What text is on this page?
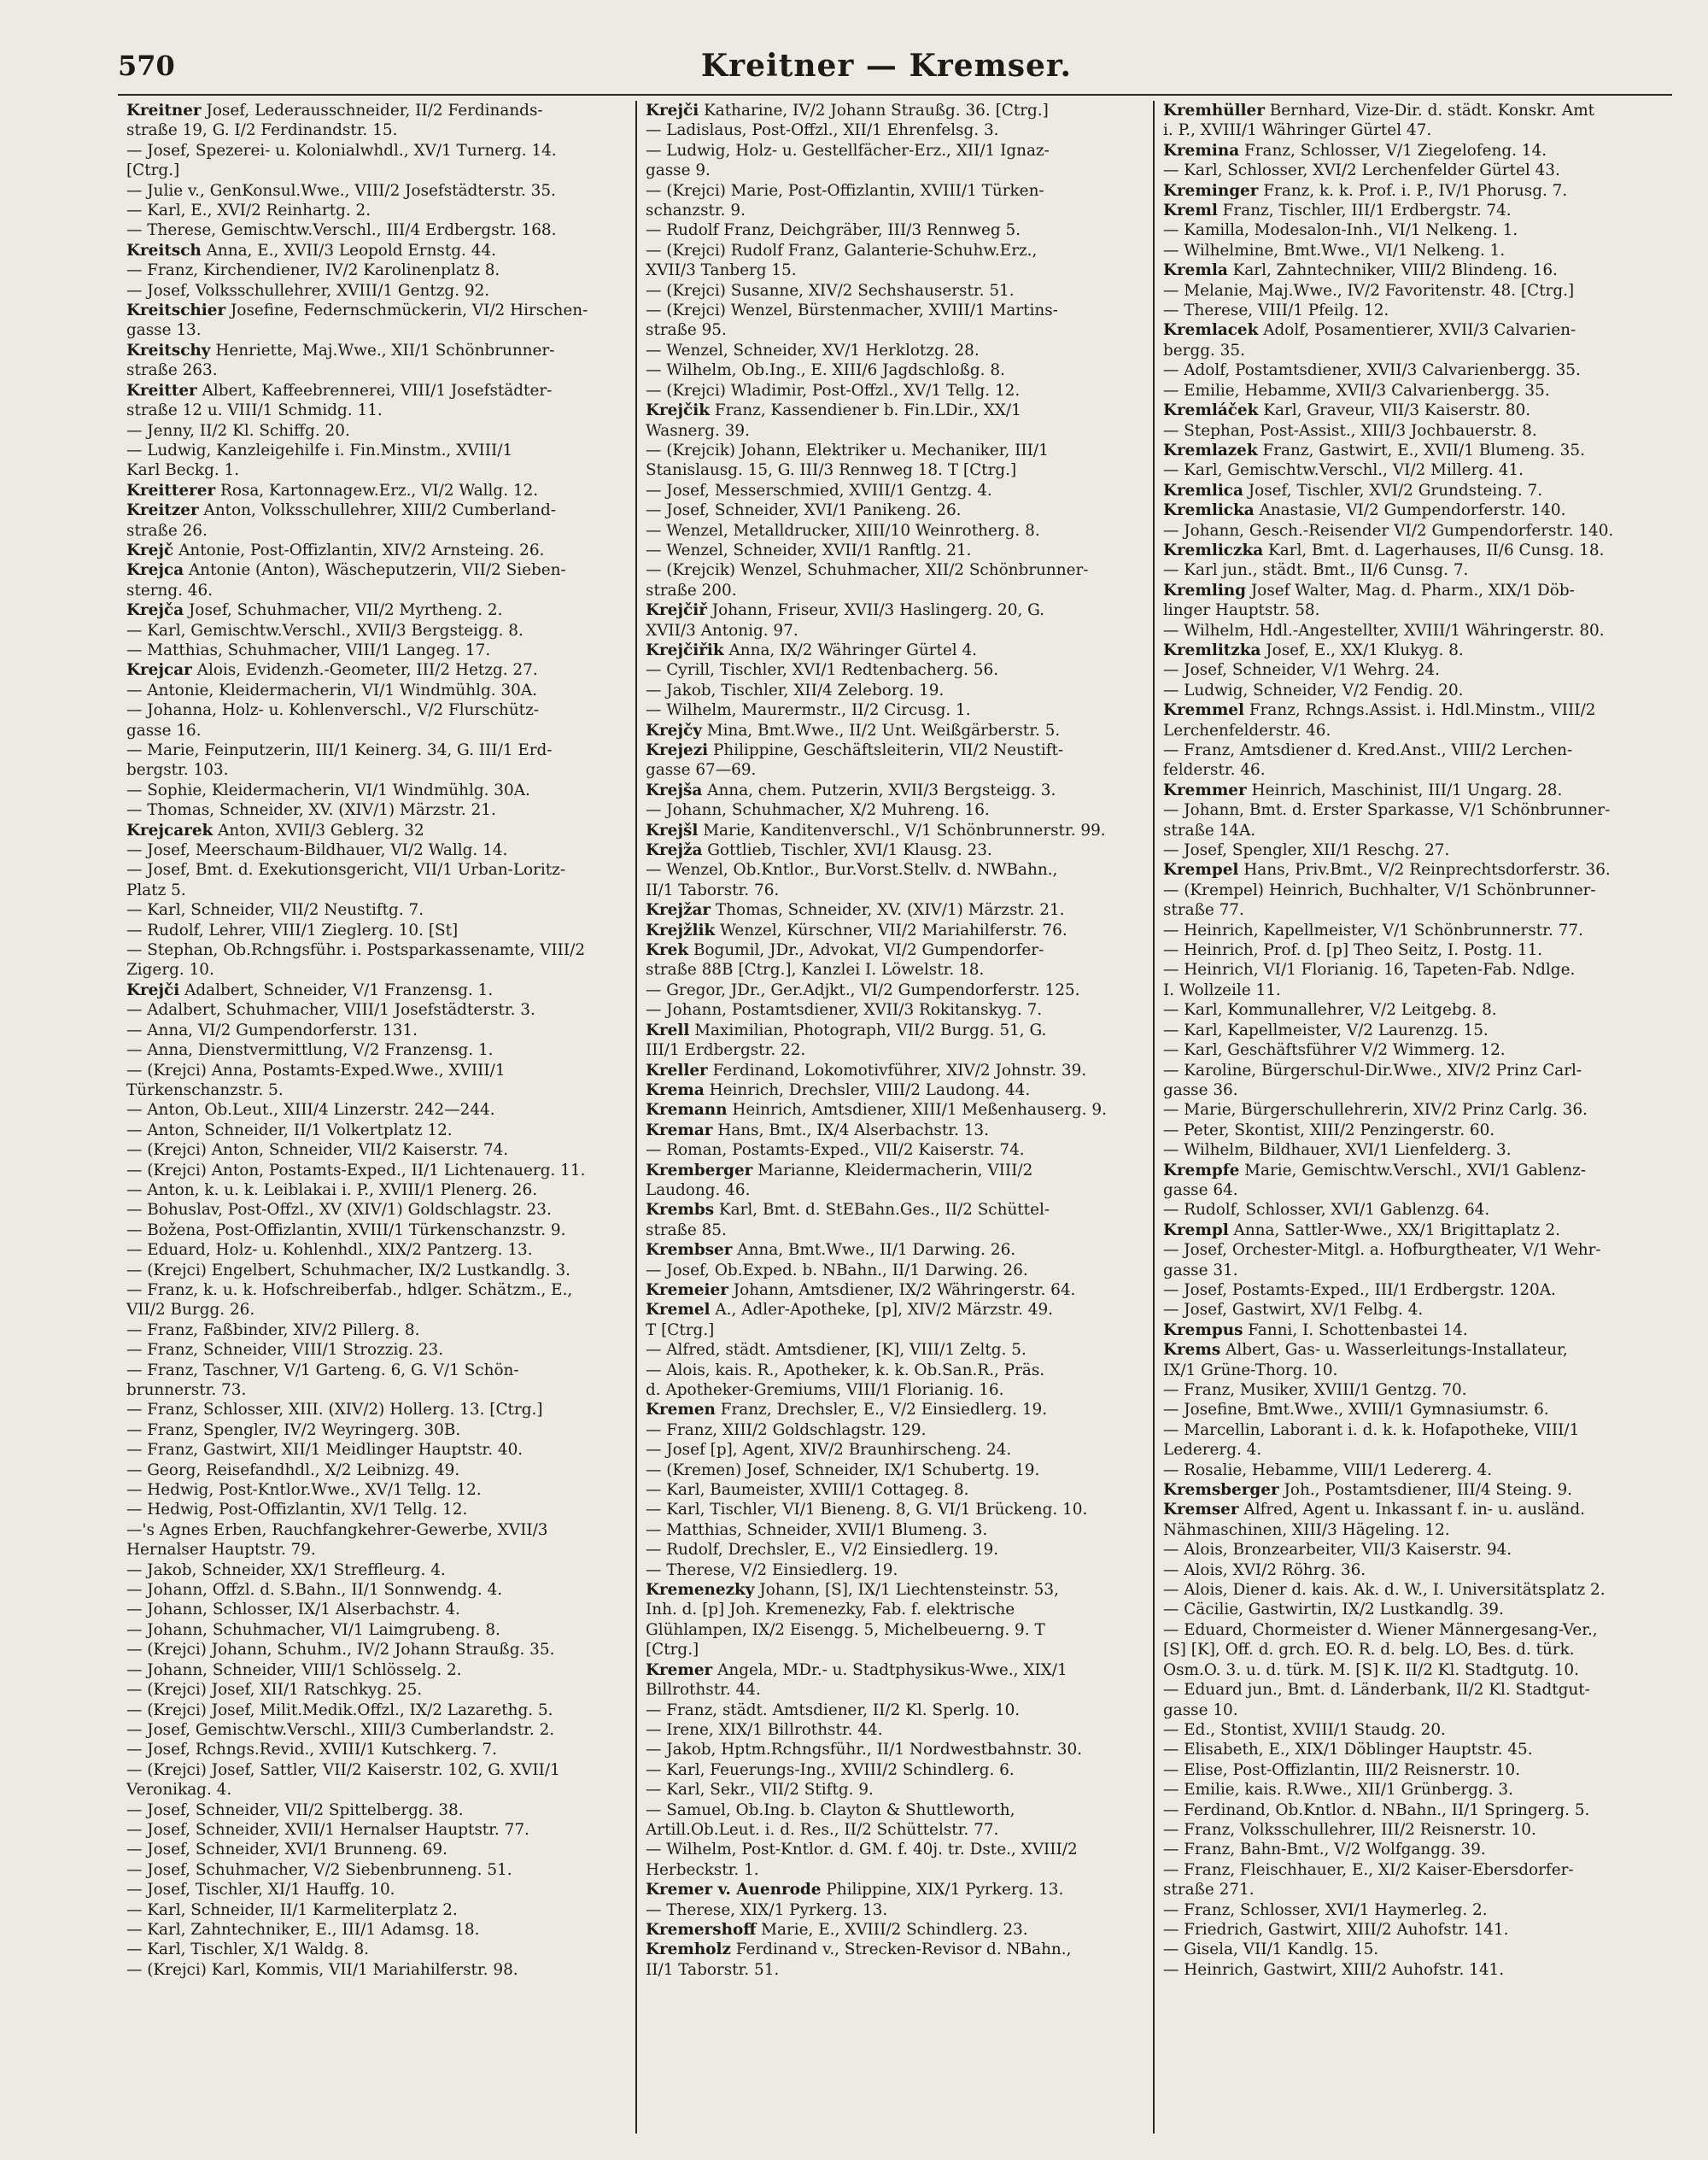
570	Kreitner — Kremser.

Kreitner Josef, Lederausschneider, II/2 Ferdinands-

straße 19, G. I/2 Ferdinandstr. 15.

— Josef, Spezerei- u. Kolonialwhdl., XV/1 Turnerg. 14.

[Ctrg.]

— Julie v., GenKonsul.Wwe., VIII/2 Josefstädterstr. 35.

— Karl, E., XVI/2 Reinhartg. 2.

— Therese, Gemischtw.Verschl., III/4 Erdbergstr. 168.

Kreitsch Anna, E., XVII/3 Leopold Ernstg. 44.

— Franz, Kirchendiener, IV/2 Karolinenplatz 8.

— Josef, Volksschullehrer, XVIII/1 Gentzg. 92.

Kreitschier Josefine, Federnschmückerin, VI/2 Hirschen-

gasse 13.

Kreitschy Henriette, Maj.Wwe., XII/1 Schönbrunner-

straße 263.

Kreitter Albert, Kaffeebrennerei, VIII/1 Josefstädter-

straße 12 u. VIII/1 Schmidg. 11.

— Jenny, II/2 Kl. Schiffg. 20.

— Ludwig, Kanzleigehilfe i. Fin.Minstm., XVIII/1

Karl Beckg. 1.

Kreitterer Rosa, Kartonnagew.Erz., VI/2 Wallg. 12.

Kreitzer Anton, Volksschullehrer, XIII/2 Cumberland-

straße 26.

Krejč Antonie, Post-Offizlantin, XIV/2 Arnsteing. 26.

Krejca Antonie (Anton), Wäscheputzerin, VII/2 Sieben-

sterng. 46.

Krejča Josef, Schuhmacher, VII/2 Myrtheng. 2.

— Karl, Gemischtw.Verschl., XVII/3 Bergsteigg. 8.

— Matthias, Schuhmacher, VIII/1 Langeg. 17.

Krejcar Alois, Evidenzh.-Geometer, III/2 Hetzg. 27.

— Antonie, Kleidermacherin, VI/1 Windmühlg. 30A.

— Johanna, Holz- u. Kohlenverschl., V/2 Flurschütz-

gasse 16.

— Marie, Feinputzerin, III/1 Keinerg. 34, G. III/1 Erd-

bergstr. 103.

— Sophie, Kleidermacherin, VI/1 Windmühlg. 30A.

— Thomas, Schneider, XV. (XIV/1) Märzstr. 21.

Krejcarek Anton, XVII/3 Geblerg. 32

— Josef, Meerschaum-Bildhauer, VI/2 Wallg. 14.

— Josef, Bmt. d. Exekutionsgericht, VII/1 Urban-Loritz-

Platz 5.

— Karl, Schneider, VII/2 Neustiftg. 7.

— Rudolf, Lehrer, VIII/1 Zieglerg. 10. [St]

— Stephan, Ob.Rchngsführ. i. Postsparkassenamte, VIII/2

Zigerg. 10.

Krejči Adalbert, Schneider, V/1 Franzensg. 1.

— Adalbert, Schuhmacher, VIII/1 Josefstädterstr. 3.

— Anna, VI/2 Gumpendorferstr. 131.

— Anna, Dienstvermittlung, V/2 Franzensg. 1.

— (Krejci) Anna, Postamts-Exped.Wwe., XVIII/1

Türkenschanzstr. 5.

— Anton, Ob.Leut., XIII/4 Linzerstr. 242—244.

— Anton, Schneider, II/1 Volkertplatz 12.

— (Krejci) Anton, Schneider, VII/2 Kaiserstr. 74.

— (Krejci) Anton, Postamts-Exped., II/1 Lichtenauerg. 11.

— Anton, k. u. k. Leiblakai i. P., XVIII/1 Plenerg. 26.

— Bohuslav, Post-Offzl., XV (XIV/1) Goldschlagstr. 23.

— Božena, Post-Offizlantin, XVIII/1 Türkenschanzstr. 9.

— Eduard, Holz- u. Kohlenhdl., XIX/2 Pantzerg. 13.

— (Krejci) Engelbert, Schuhmacher, IX/2 Lustkandlg. 3.

— Franz, k. u. k. Hofschreiberfab., hdlger. Schätzm., E.,

VII/2 Burgg. 26.

— Franz, Faßbinder, XIV/2 Pillerg. 8.

— Franz, Schneider, VIII/1 Strozzig. 23.

— Franz, Taschner, V/1 Garteng. 6, G. V/1 Schön-

brunnerstr. 73.

— Franz, Schlosser, XIII. (XIV/2) Hollerg. 13. [Ctrg.]

— Franz, Spengler, IV/2 Weyringerg. 30B.

— Franz, Gastwirt, XII/1 Meidlinger Hauptstr. 40.

— Georg, Reisefandhdl., X/2 Leibnizg. 49.

— Hedwig, Post-Kntlor.Wwe., XV/1 Tellg. 12.

— Hedwig, Post-Offizlantin, XV/1 Tellg. 12.

—'s Agnes Erben, Rauchfangkehrer-Gewerbe, XVII/3

Hernalser Hauptstr. 79.

— Jakob, Schneider, XX/1 Streffleurg. 4.

— Johann, Offzl. d. S.Bahn., II/1 Sonnwendg. 4.

— Johann, Schlosser, IX/1 Alserbachstr. 4.

— Johann, Schuhmacher, VI/1 Laimgrubeng. 8.

— (Krejci) Johann, Schuhm., IV/2 Johann Straußg. 35.

— Johann, Schneider, VIII/1 Schlösselg. 2.

— (Krejci) Josef, XII/1 Ratschkyg. 25.

— (Krejci) Josef, Milit.Medik.Offzl., IX/2 Lazarethg. 5.

— Josef, Gemischtw.Verschl., XIII/3 Cumberlandstr. 2.

— Josef, Rchngs.Revid., XVIII/1 Kutschkerg. 7.

— (Krejci) Josef, Sattler, VII/2 Kaiserstr. 102, G. XVII/1

Veronikag. 4.

— Josef, Schneider, VII/2 Spittelbergg. 38.

— Josef, Schneider, XVII/1 Hernalser Hauptstr. 77.

— Josef, Schneider, XVI/1 Brunneng. 69.

— Josef, Schuhmacher, V/2 Siebenbrunneng. 51.

— Josef, Tischler, XI/1 Hauffg. 10.

— Karl, Schneider, II/1 Karmeliterplatz 2.

— Karl, Zahntechniker, E., III/1 Adamsg. 18.

— Karl, Tischler, X/1 Waldg. 8.

— (Krejci) Karl, Kommis, VII/1 Mariahilferstr. 98.

Krejči Katharine, IV/2 Johann Straußg. 36. [Ctrg.]

— Ladislaus, Post-Offzl., XII/1 Ehrenfelsg. 3.

— Ludwig, Holz- u. Gestellfächer-Erz., XII/1 Ignaz-

gasse 9.

— (Krejci) Marie, Post-Offizlantin, XVIII/1 Türken-

schanzstr. 9.

— Rudolf Franz, Deichgräber, III/3 Rennweg 5.

— (Krejci) Rudolf Franz, Galanterie-Schuhw.Erz.,

XVII/3 Tanberg 15.

— (Krejci) Susanne, XIV/2 Sechshauserstr. 51.

— (Krejci) Wenzel, Bürstenmacher, XVIII/1 Martins-

straße 95.

— Wenzel, Schneider, XV/1 Herklotzg. 28.

— Wilhelm, Ob.Ing., E. XIII/6 Jagdschloßg. 8.

— (Krejci) Wladimir, Post-Offzl., XV/1 Tellg. 12.

Krejčik Franz, Kassendiener b. Fin.LDir., XX/1

Wasnerg. 39.

— (Krejcik) Johann, Elektriker u. Mechaniker, III/1

Stanislausg. 15, G. III/3 Rennweg 18. T [Ctrg.]

— Josef, Messerschmied, XVIII/1 Gentzg. 4.

— Josef, Schneider, XVI/1 Panikeng. 26.

— Wenzel, Metalldrucker, XIII/10 Weinrotherg. 8.

— Wenzel, Schneider, XVII/1 Ranftlg. 21.

— (Krejcik) Wenzel, Schuhmacher, XII/2 Schönbrunner-

straße 200.

Krejčiř Johann, Friseur, XVII/3 Haslingerg. 20, G.

XVII/3 Antonig. 97.

Krejčiřik Anna, IX/2 Währinger Gürtel 4.

— Cyrill, Tischler, XVI/1 Redtenbacherg. 56.

— Jakob, Tischler, XII/4 Zeleborg. 19.

— Wilhelm, Maurermstr., II/2 Circusg. 1.

Krejčy Mina, Bmt.Wwe., II/2 Unt. Weißgärberstr. 5.

Krejezi Philippine, Geschäftsleiterin, VII/2 Neustift-

gasse 67—69.

Krejša Anna, chem. Putzerin, XVII/3 Bergsteigg. 3.

— Johann, Schuhmacher, X/2 Muhreng. 16.

Krejšl Marie, Kanditenverschl., V/1 Schönbrunnerstr. 99.

Krejža Gottlieb, Tischler, XVI/1 Klausg. 23.

— Wenzel, Ob.Kntlor., Bur.Vorst.Stellv. d. NWBahn.,

II/1 Taborstr. 76.

Krejžar Thomas, Schneider, XV. (XIV/1) Märzstr. 21.

Krejžlik Wenzel, Kürschner, VII/2 Mariahilferstr. 76.

Krek Bogumil, JDr., Advokat, VI/2 Gumpendorfer-

straße 88B [Ctrg.], Kanzlei I. Löwelstr. 18.

— Gregor, JDr., Ger.Adjkt., VI/2 Gumpendorferstr. 125.

— Johann, Postamtsdiener, XVII/3 Rokitanskyg. 7.

Krell Maximilian, Photograph, VII/2 Burgg. 51, G.

III/1 Erdbergstr. 22.

Kreller Ferdinand, Lokomotivführer, XIV/2 Johnstr. 39.

Krema Heinrich, Drechsler, VIII/2 Laudong. 44.

Kremann Heinrich, Amtsdiener, XIII/1 Meßenhauserg. 9.

Kremar Hans, Bmt., IX/4 Alserbachstr. 13.

— Roman, Postamts-Exped., VII/2 Kaiserstr. 74.

Kremberger Marianne, Kleidermacherin, VIII/2

Laudong. 46.

Krembs Karl, Bmt. d. StEBahn.Ges., II/2 Schüttel-

straße 85.

Krembser Anna, Bmt.Wwe., II/1 Darwing. 26.

— Josef, Ob.Exped. b. NBahn., II/1 Darwing. 26.

Kremeier Johann, Amtsdiener, IX/2 Währingerstr. 64.

Kremel A., Adler-Apotheke, [p], XIV/2 Märzstr. 49.

T [Ctrg.]

— Alfred, städt. Amtsdiener, [K], VIII/1 Zeltg. 5.

— Alois, kais. R., Apotheker, k. k. Ob.San.R., Präs.

d. Apotheker-Gremiums, VIII/1 Florianig. 16.

Kremen Franz, Drechsler, E., V/2 Einsiedlerg. 19.

— Franz, XIII/2 Goldschlagstr. 129.

— Josef [p], Agent, XIV/2 Braunhirscheng. 24.

— (Kremen) Josef, Schneider, IX/1 Schubertg. 19.

— Karl, Baumeister, XVIII/1 Cottageg. 8.

— Karl, Tischler, VI/1 Bieneng. 8, G. VI/1 Brückeng. 10.

— Matthias, Schneider, XVII/1 Blumeng. 3.

— Rudolf, Drechsler, E., V/2 Einsiedlerg. 19.

— Therese, V/2 Einsiedlerg. 19.

Kremenezky Johann, [S], IX/1 Liechtensteinstr. 53,

Inh. d. [p] Joh. Kremenezky, Fab. f. elektrische

Glühlampen, IX/2 Eisengg. 5, Michelbeuerng. 9. T

[Ctrg.]

Kremer Angela, MDr.- u. Stadtphysikus-Wwe., XIX/1

Billrothstr. 44.

— Franz, städt. Amtsdiener, II/2 Kl. Sperlg. 10.

— Irene, XIX/1 Billrothstr. 44.

— Jakob, Hptm.Rchngsführ., II/1 Nordwestbahnstr. 30.

— Karl, Feuerungs-Ing., XVIII/2 Schindlerg. 6.

— Karl, Sekr., VII/2 Stiftg. 9.

— Samuel, Ob.Ing. b. Clayton & Shuttleworth,

Artill.Ob.Leut. i. d. Res., II/2 Schüttelstr. 77.

— Wilhelm, Post-Kntlor. d. GM. f. 40j. tr. Dste., XVIII/2

Herbeckstr. 1.

Kremer v. Auenrode Philippine, XIX/1 Pyrkerg. 13.

— Therese, XIX/1 Pyrkerg. 13.

Kremershoff Marie, E., XVIII/2 Schindlerg. 23.

Kremholz Ferdinand v., Strecken-Revisor d. NBahn.,

II/1 Taborstr. 51.

Kremhüller Bernhard, Vize-Dir. d. städt. Konskr. Amt

i. P., XVIII/1 Währinger Gürtel 47.

Kremina Franz, Schlosser, V/1 Ziegelofeng. 14.

— Karl, Schlosser, XVI/2 Lerchenfelder Gürtel 43.

Kreminger Franz, k. k. Prof. i. P., IV/1 Phorusg. 7.

Kreml Franz, Tischler, III/1 Erdbergstr. 74.

— Kamilla, Modesalon-Inh., VI/1 Nelkeng. 1.

— Wilhelmine, Bmt.Wwe., VI/1 Nelkeng. 1.

Kremla Karl, Zahntechniker, VIII/2 Blindeng. 16.

— Melanie, Maj.Wwe., IV/2 Favoritenstr. 48. [Ctrg.]

— Therese, VIII/1 Pfeilg. 12.

Kremlacek Adolf, Posamentierer, XVII/3 Calvarien-

bergg. 35.

— Adolf, Postamtsdiener, XVII/3 Calvarienbergg. 35.

— Emilie, Hebamme, XVII/3 Calvarienbergg. 35.

Kremláček Karl, Graveur, VII/3 Kaiserstr. 80.

— Stephan, Post-Assist., XIII/3 Jochbauerstr. 8.

Kremlazek Franz, Gastwirt, E., XVII/1 Blumeng. 35.

— Karl, Gemischtw.Verschl., VI/2 Millerg. 41.

Kremlica Josef, Tischler, XVI/2 Grundsteing. 7.

Kremlicka Anastasie, VI/2 Gumpendorferstr. 140.

— Johann, Gesch.-Reisender VI/2 Gumpendorferstr. 140.

Kremliczka Karl, Bmt. d. Lagerhauses, II/6 Cunsg. 18.

— Karl jun., städt. Bmt., II/6 Cunsg. 7.

Kremling Josef Walter, Mag. d. Pharm., XIX/1 Döb-

linger Hauptstr. 58.

— Wilhelm, Hdl.-Angestellter, XVIII/1 Währingerstr. 80.

Kremlitzka Josef, E., XX/1 Klukyg. 8.

— Josef, Schneider, V/1 Wehrg. 24.

— Ludwig, Schneider, V/2 Fendig. 20.

Kremmel Franz, Rchngs.Assist. i. Hdl.Minstm., VIII/2

Lerchenfelderstr. 46.

— Franz, Amtsdiener d. Kred.Anst., VIII/2 Lerchen-

felderstr. 46.

Kremmer Heinrich, Maschinist, III/1 Ungarg. 28.

— Johann, Bmt. d. Erster Sparkasse, V/1 Schönbrunner-

straße 14A.

— Josef, Spengler, XII/1 Reschg. 27.

Krempel Hans, Priv.Bmt., V/2 Reinprechtsdorferstr. 36.

— (Krempel) Heinrich, Buchhalter, V/1 Schönbrunner-

straße 77.

— Heinrich, Kapellmeister, V/1 Schönbrunnerstr. 77.

— Heinrich, Prof. d. [p] Theo Seitz, I. Postg. 11.

— Heinrich, VI/1 Florianig. 16, Tapeten-Fab. Ndlge.

I. Wollzeile 11.

— Karl, Kommunallehrer, V/2 Leitgebg. 8.

— Karl, Kapellmeister, V/2 Laurenzg. 15.

— Karl, Geschäftsführer V/2 Wimmerg. 12.

— Karoline, Bürgerschul-Dir.Wwe., XIV/2 Prinz Carl-

gasse 36.

— Marie, Bürgerschullehrerin, XIV/2 Prinz Carlg. 36.

— Peter, Skontist, XIII/2 Penzingerstr. 60.

— Wilhelm, Bildhauer, XVI/1 Lienfelderg. 3.

Krempfe Marie, Gemischtw.Verschl., XVI/1 Gablenz-

gasse 64.

— Rudolf, Schlosser, XVI/1 Gablenzg. 64.

Krempl Anna, Sattler-Wwe., XX/1 Brigittaplatz 2.

— Josef, Orchester-Mitgl. a. Hofburgtheater, V/1 Wehr-

gasse 31.

— Josef, Postamts-Exped., III/1 Erdbergstr. 120A.

— Josef, Gastwirt, XV/1 Felbg. 4.

Krempus Fanni, I. Schottenbastei 14.

Krems Albert, Gas- u. Wasserleitungs-Installateur,

IX/1 Grüne-Thorg. 10.

— Franz, Musiker, XVIII/1 Gentzg. 70.

— Josefine, Bmt.Wwe., XVIII/1 Gymnasiumstr. 6.

— Marcellin, Laborant i. d. k. k. Hofapotheke, VIII/1

Ledererg. 4.

— Rosalie, Hebamme, VIII/1 Ledererg. 4.

Kremsberger Joh., Postamtsdiener, III/4 Steing. 9.

Kremser Alfred, Agent u. Inkassant f. in- u. ausländ.

Nähmaschinen, XIII/3 Hägeling. 12.

— Alois, Bronzearbeiter, VII/3 Kaiserstr. 94.

— Alois, XVI/2 Röhrg. 36.

— Alois, Diener d. kais. Ak. d. W., I. Universitätsplatz 2.

— Cäcilie, Gastwirtin, IX/2 Lustkandlg. 39.

— Eduard, Chormeister d. Wiener Männergesang-Ver.,

[S] [K], Off. d. grch. EO. R. d. belg. LO, Bes. d. türk.

Osm.O. 3. u. d. türk. M. [S] K. II/2 Kl. Stadtgutg. 10.

— Eduard jun., Bmt. d. Länderbank, II/2 Kl. Stadtgut-

gasse 10.

— Ed., Stontist, XVIII/1 Staudg. 20.

— Elisabeth, E., XIX/1 Döblinger Hauptstr. 45.

— Elise, Post-Offizlantin, III/2 Reisnerstr. 10.

— Emilie, kais. R.Wwe., XII/1 Grünbergg. 3.

— Ferdinand, Ob.Kntlor. d. NBahn., II/1 Springerg. 5.

— Franz, Volksschullehrer, III/2 Reisnerstr. 10.

— Franz, Bahn-Bmt., V/2 Wolfgangg. 39.

— Franz, Fleischhauer, E., XI/2 Kaiser-Ebersdorfer-

straße 271.

— Franz, Schlosser, XVI/1 Haymerleg. 2.

— Friedrich, Gastwirt, XIII/2 Auhofstr. 141.

— Gisela, VII/1 Kandlg. 15.

— Heinrich, Gastwirt, XIII/2 Auhofstr. 141.
